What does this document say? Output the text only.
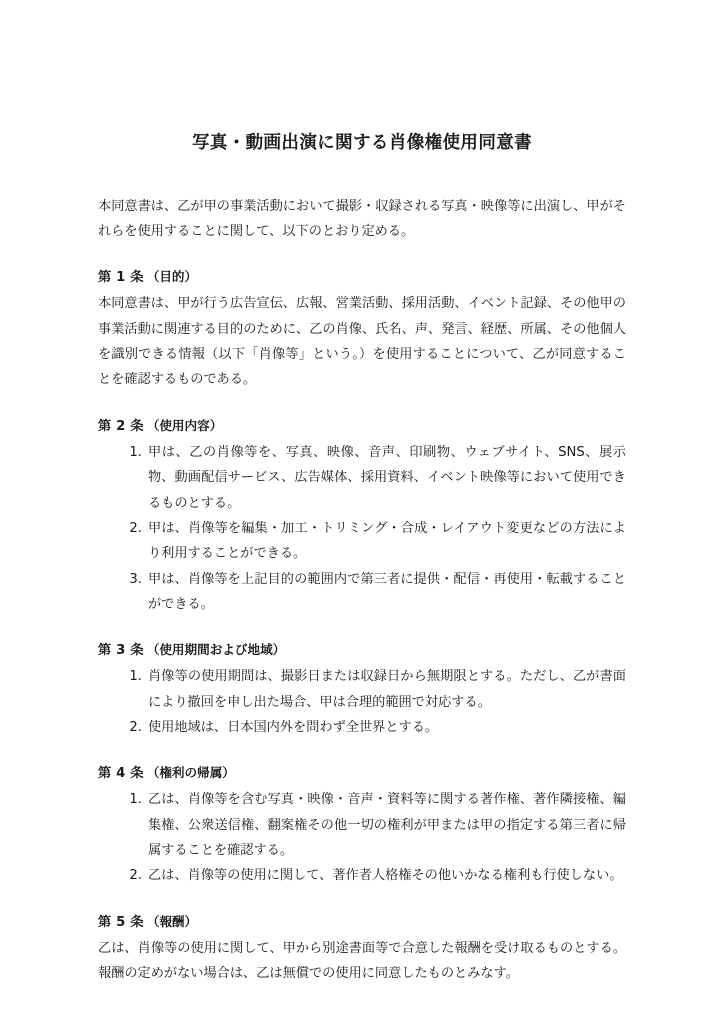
写真・動画出演に関する肖像権使用同意書

本同意書は、乙が甲の事業活動において撮影・収録される写真・映像等に出演し、甲がそれらを使用することに関して、以下のとおり定める。

第 1 条 （目的）

本同意書は、甲が行う広告宣伝、広報、営業活動、採用活動、イベント記録、その他甲の事業活動に関連する目的のために、乙の肖像、氏名、声、発言、経歴、所属、その他個人を識別できる情報（以下「肖像等」という。）を使用することについて、乙が同意することを確認するものである。

第 2 条 （使用内容）
1. 甲は、乙の肖像等を、写真、映像、音声、印刷物、ウェブサイト、SNS、展示物、動画配信サービス、広告媒体、採用資料、イベント映像等において使用できるものとする。
2. 甲は、肖像等を編集・加工・トリミング・合成・レイアウト変更などの方法により利用することができる。
3. 甲は、肖像等を上記目的の範囲内で第三者に提供・配信・再使用・転載することができる。
第 3 条 （使用期間および地域）
1. 肖像等の使用期間は、撮影日または収録日から無期限とする。ただし、乙が書面により撤回を申し出た場合、甲は合理的範囲で対応する。
2. 使用地域は、日本国内外を問わず全世界とする。
第 4 条 （権利の帰属）
1. 乙は、肖像等を含む写真・映像・音声・資料等に関する著作権、著作隣接権、編集権、公衆送信権、翻案権その他一切の権利が甲または甲の指定する第三者に帰属することを確認する。
2. 乙は、肖像等の使用に関して、著作者人格権その他いかなる権利も行使しない。
第 5 条 （報酬）

乙は、肖像等の使用に関して、甲から別途書面等で合意した報酬を受け取るものとする。報酬の定めがない場合は、乙は無償での使用に同意したものとみなす。
